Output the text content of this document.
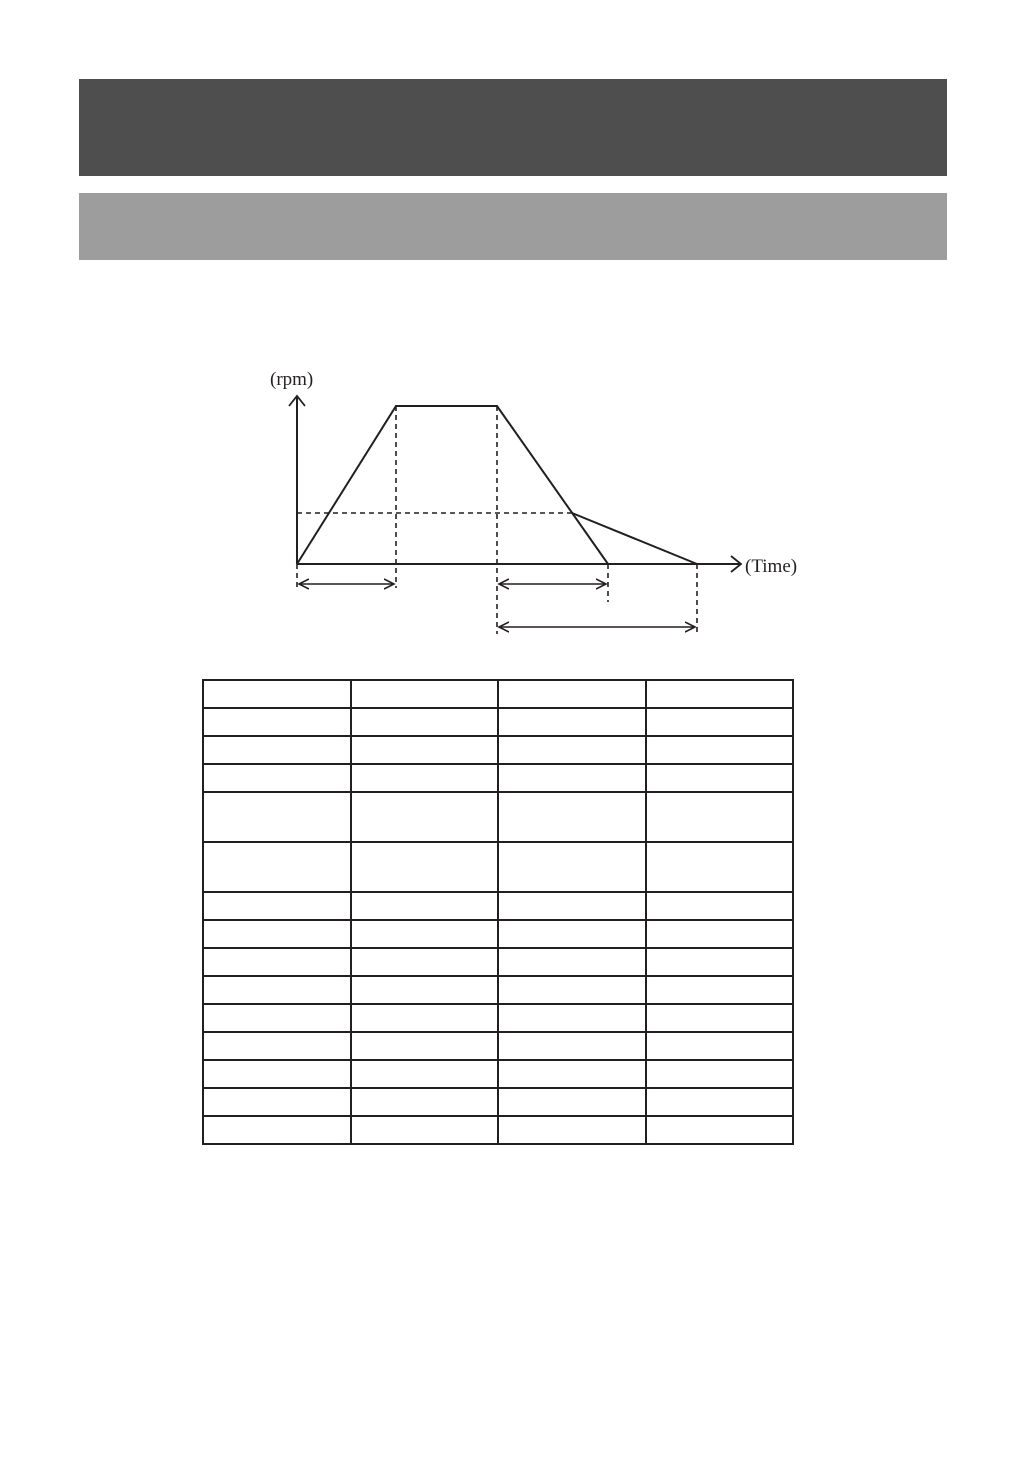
(rpm)
(Time)
